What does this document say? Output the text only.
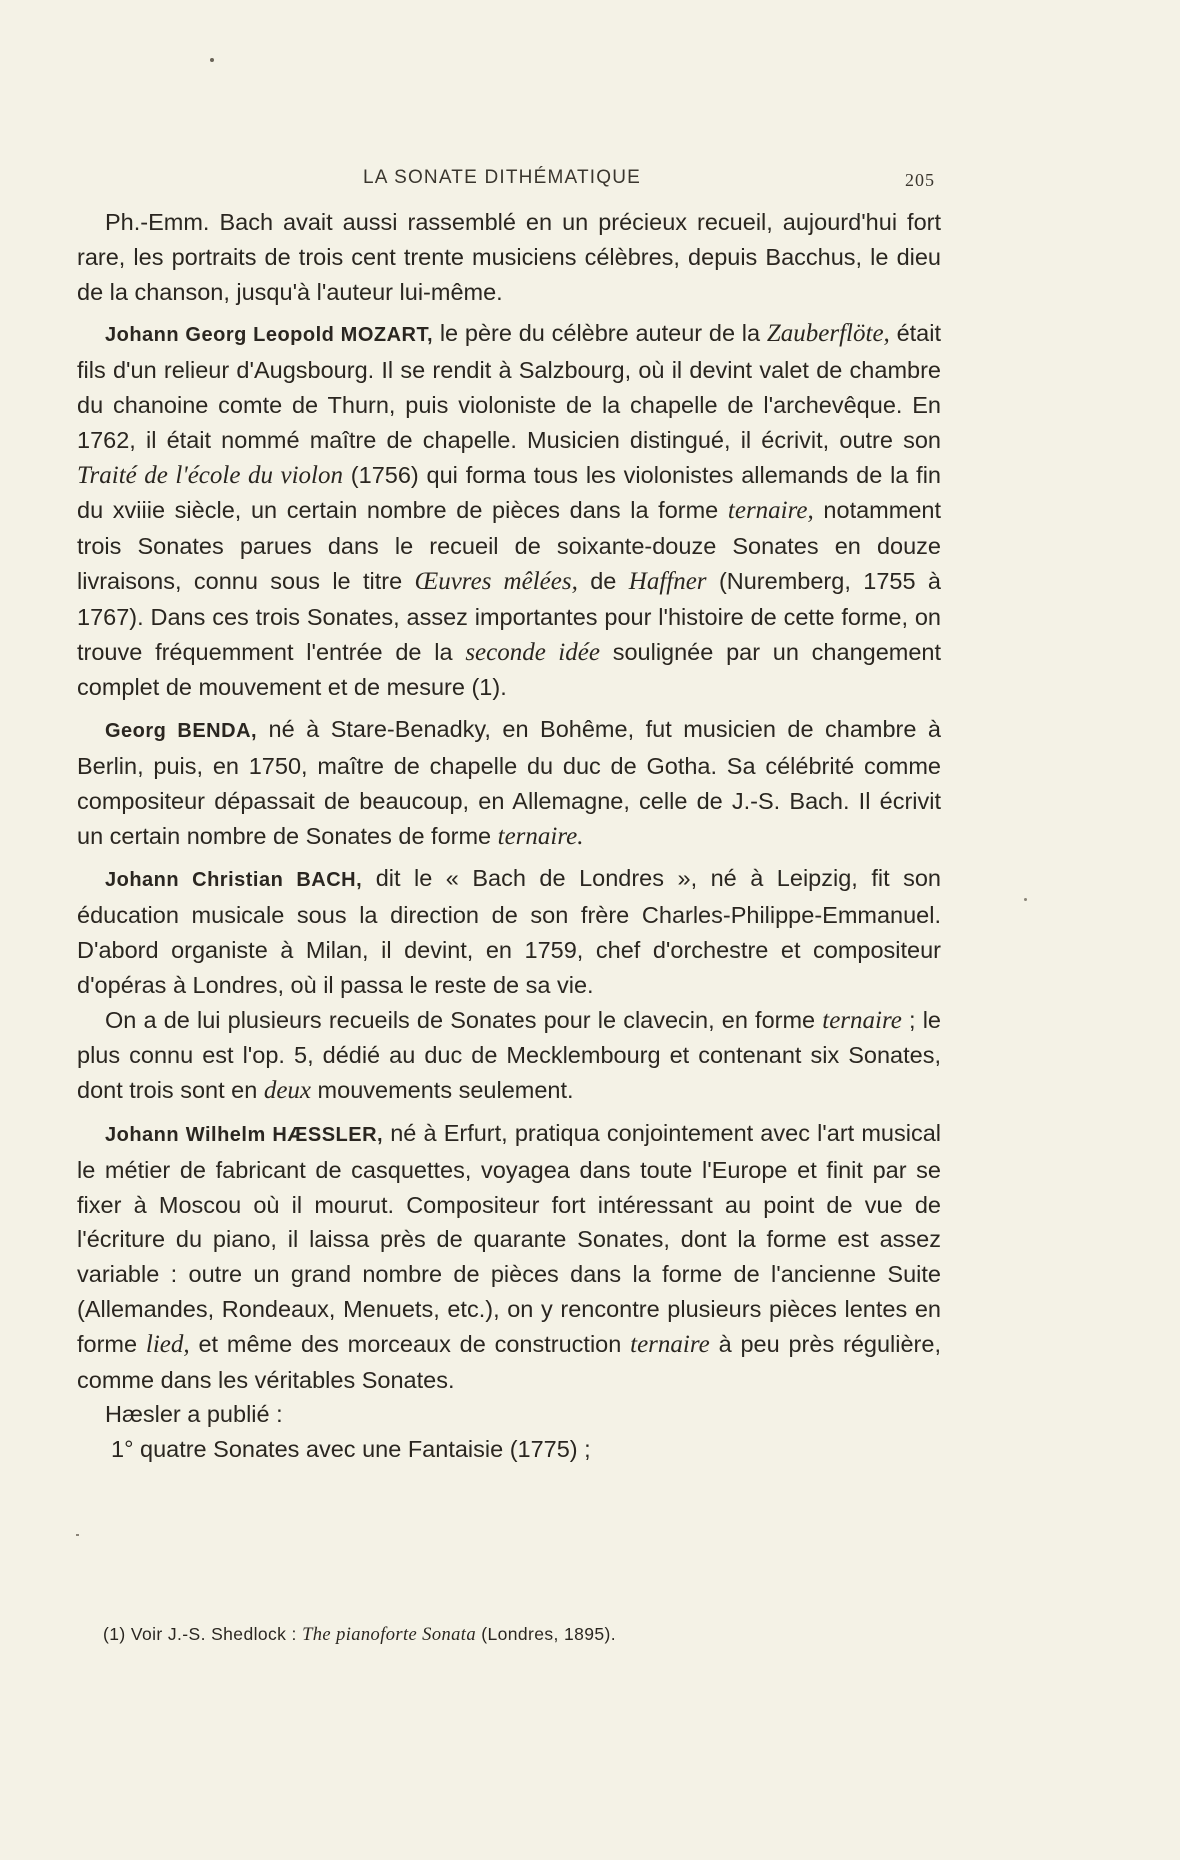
LA SONATE DITHÉMATIQUE	205

Ph.-Emm. Bach avait aussi rassemblé en un précieux recueil, aujourd'hui fort rare, les portraits de trois cent trente musiciens célèbres, depuis Bacchus, le dieu de la chanson, jusqu'à l'auteur lui-même.

Johann Georg Leopold MOZART, le père du célèbre auteur de la Zauberflöte, était fils d'un relieur d'Augsbourg. Il se rendit à Salzbourg, où il devint valet de chambre du chanoine comte de Thurn, puis violoniste de la chapelle de l'archevêque. En 1762, il était nommé maître de chapelle. Musicien distingué, il écrivit, outre son Traité de l'école du violon (1756) qui forma tous les violonistes allemands de la fin du xviiie siècle, un certain nombre de pièces dans la forme ternaire, notamment trois Sonates parues dans le recueil de soixante-douze Sonates en douze livraisons, connu sous le titre Œuvres mêlées, de Haffner (Nuremberg, 1755 à 1767). Dans ces trois Sonates, assez importantes pour l'histoire de cette forme, on trouve fréquemment l'entrée de la seconde idée soulignée par un changement complet de mouvement et de mesure (1).

Georg BENDA, né à Stare-Benadky, en Bohême, fut musicien de chambre à Berlin, puis, en 1750, maître de chapelle du duc de Gotha. Sa célébrité comme compositeur dépassait de beaucoup, en Allemagne, celle de J.-S. Bach. Il écrivit un certain nombre de Sonates de forme ternaire.

Johann Christian BACH, dit le « Bach de Londres », né à Leipzig, fit son éducation musicale sous la direction de son frère Charles-Philippe-Emmanuel. D'abord organiste à Milan, il devint, en 1759, chef d'orchestre et compositeur d'opéras à Londres, où il passa le reste de sa vie.

On a de lui plusieurs recueils de Sonates pour le clavecin, en forme ternaire ; le plus connu est l'op. 5, dédié au duc de Mecklembourg et contenant six Sonates, dont trois sont en deux mouvements seulement.

Johann Wilhelm HÆSSLER, né à Erfurt, pratiqua conjointement avec l'art musical le métier de fabricant de casquettes, voyagea dans toute l'Europe et finit par se fixer à Moscou où il mourut. Compositeur fort intéressant au point de vue de l'écriture du piano, il laissa près de quarante Sonates, dont la forme est assez variable : outre un grand nombre de pièces dans la forme de l'ancienne Suite (Allemandes, Rondeaux, Menuets, etc.), on y rencontre plusieurs pièces lentes en forme lied, et même des morceaux de construction ternaire à peu près régulière, comme dans les véritables Sonates.

Hæsler a publié :

1° quatre Sonates avec une Fantaisie (1775) ;

(1) Voir J.-S. Shedlock : The pianoforte Sonata (Londres, 1895).
